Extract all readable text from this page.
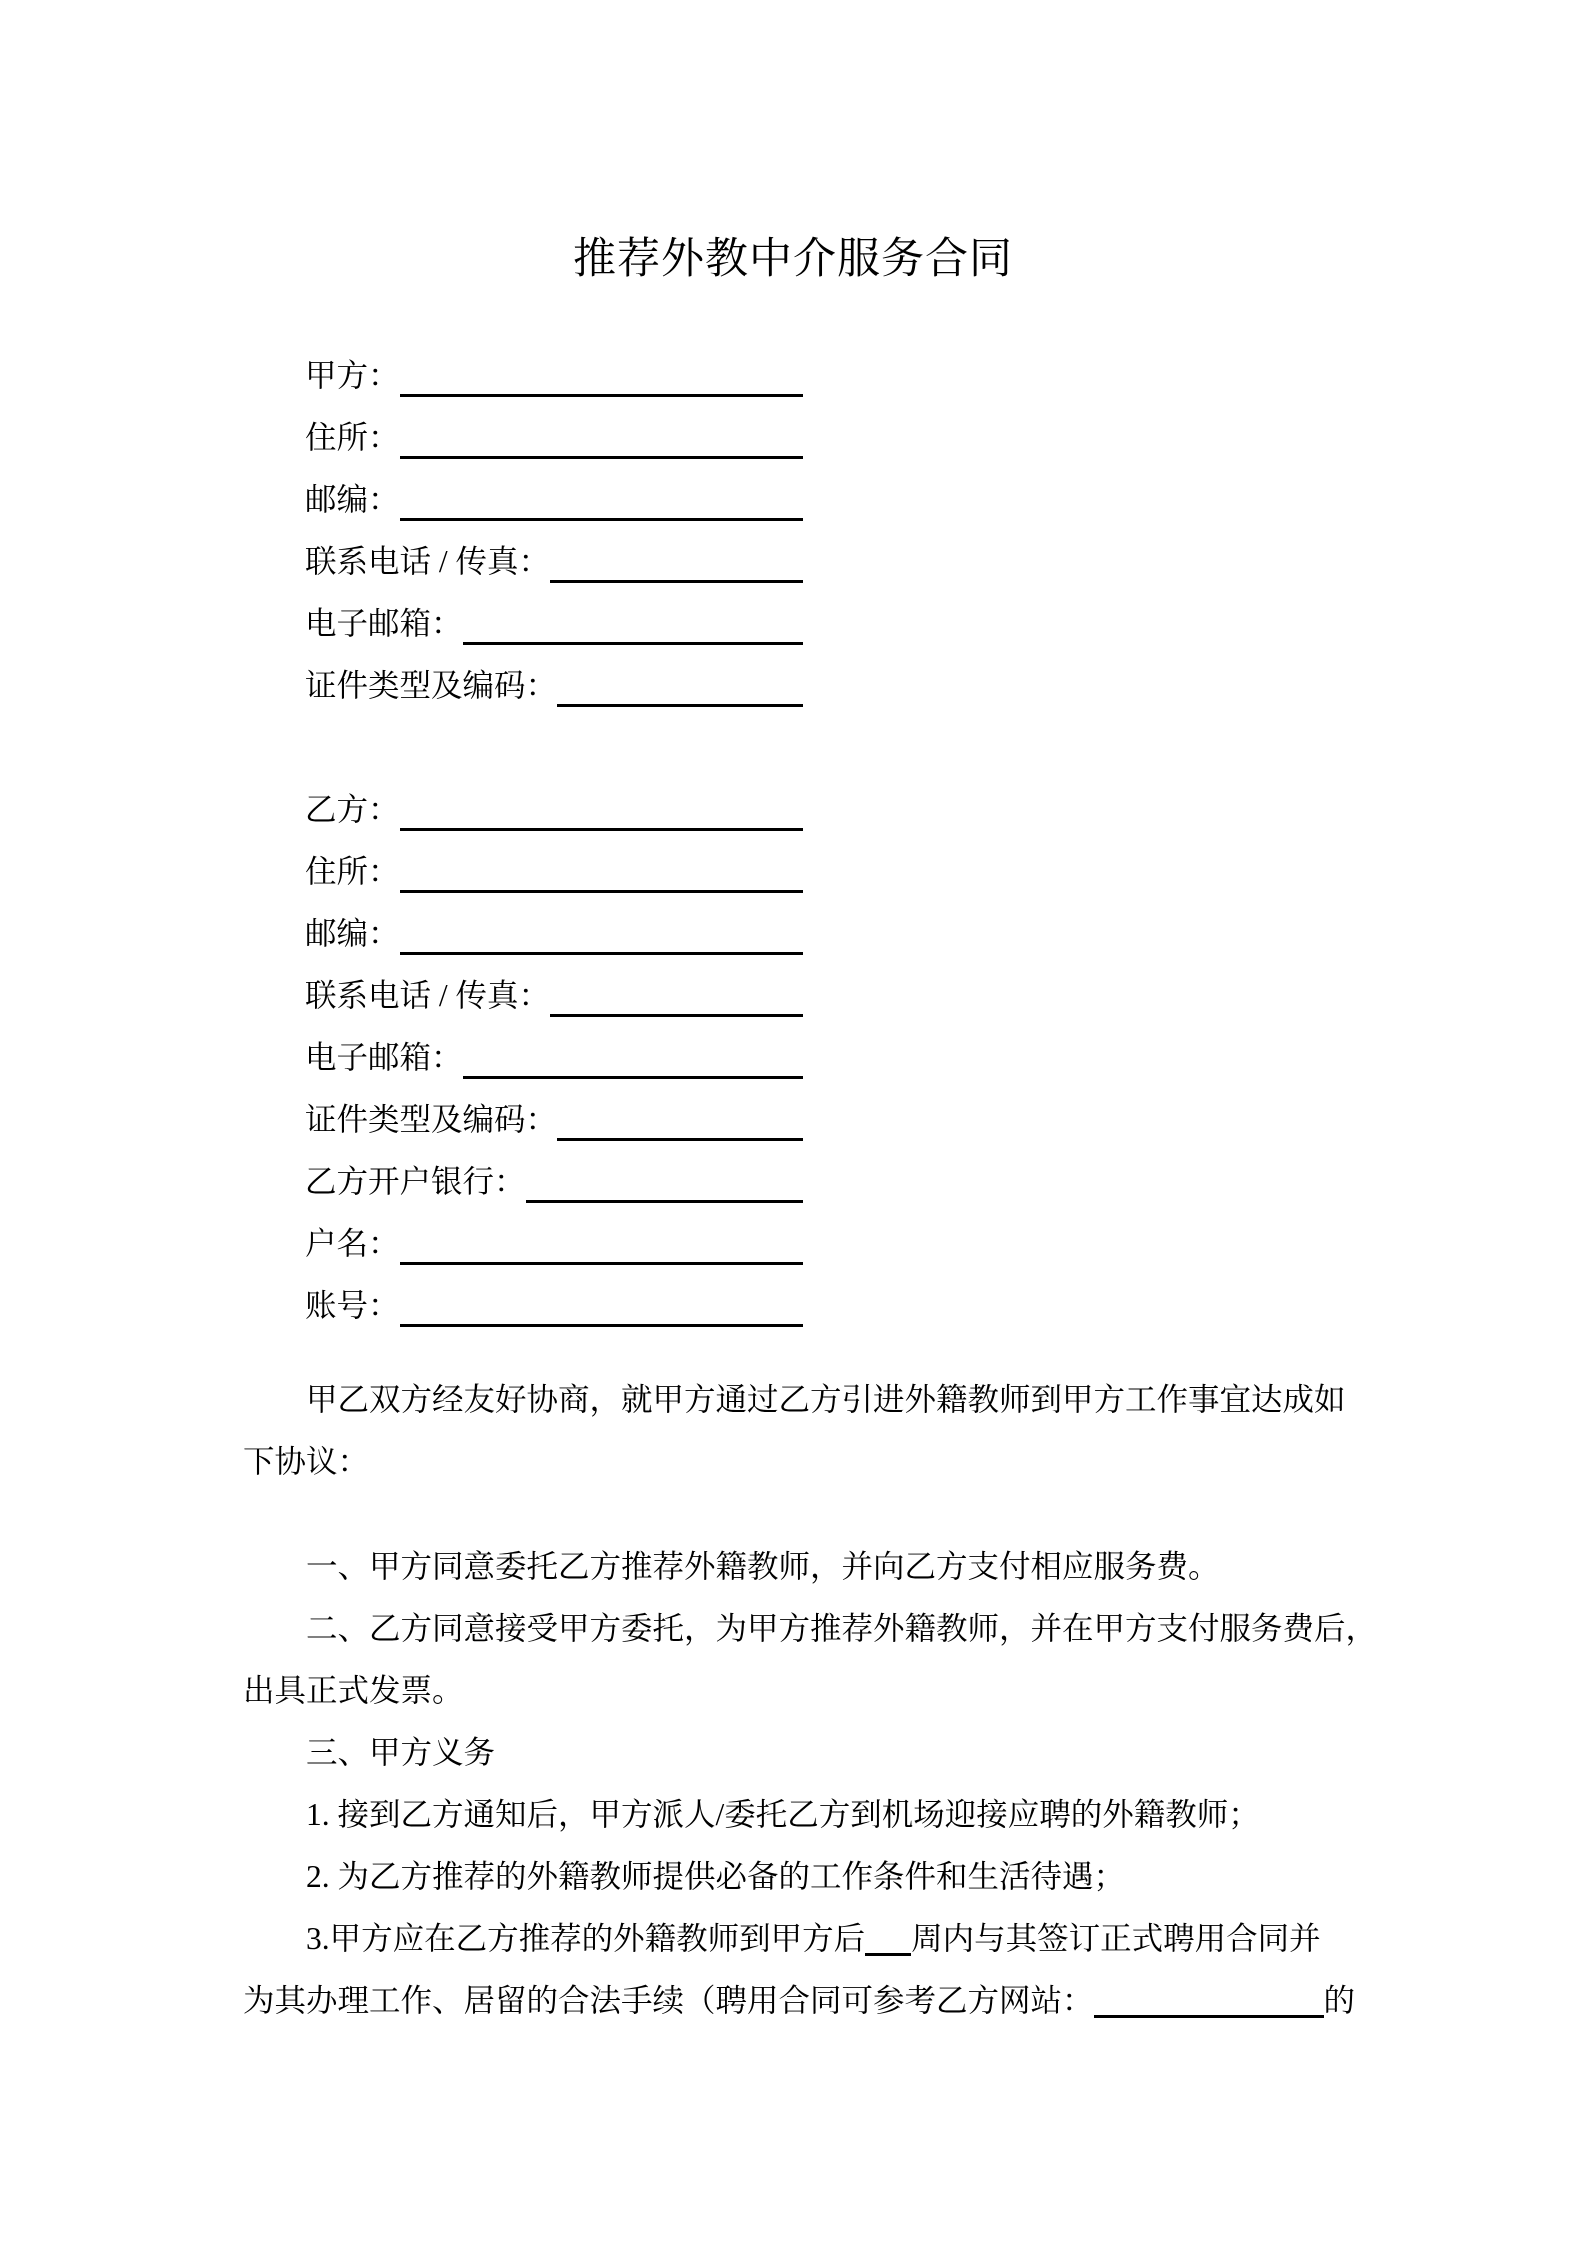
推荐外教中介服务合同
甲方：
住所：
邮编：
联系电话 / 传真：
电子邮箱：
证件类型及编码：
乙方：
住所：
邮编：
联系电话 / 传真：
电子邮箱：
证件类型及编码：
乙方开户银行：
户名：
账号：
甲乙双方经友好协商，就甲方通过乙方引进外籍教师到甲方工作事宜达成如
下协议：
一、甲方同意委托乙方推荐外籍教师，并向乙方支付相应服务费。
二、乙方同意接受甲方委托，为甲方推荐外籍教师，并在甲方支付服务费后，
出具正式发票。
三、甲方义务
1. 接到乙方通知后，甲方派人/委托乙方到机场迎接应聘的外籍教师；
2. 为乙方推荐的外籍教师提供必备的工作条件和生活待遇；
3.甲方应在乙方推荐的外籍教师到甲方后 周内与其签订正式聘用合同并
为其办理工作、居留的合法手续（聘用合同可参考乙方网站：	的
